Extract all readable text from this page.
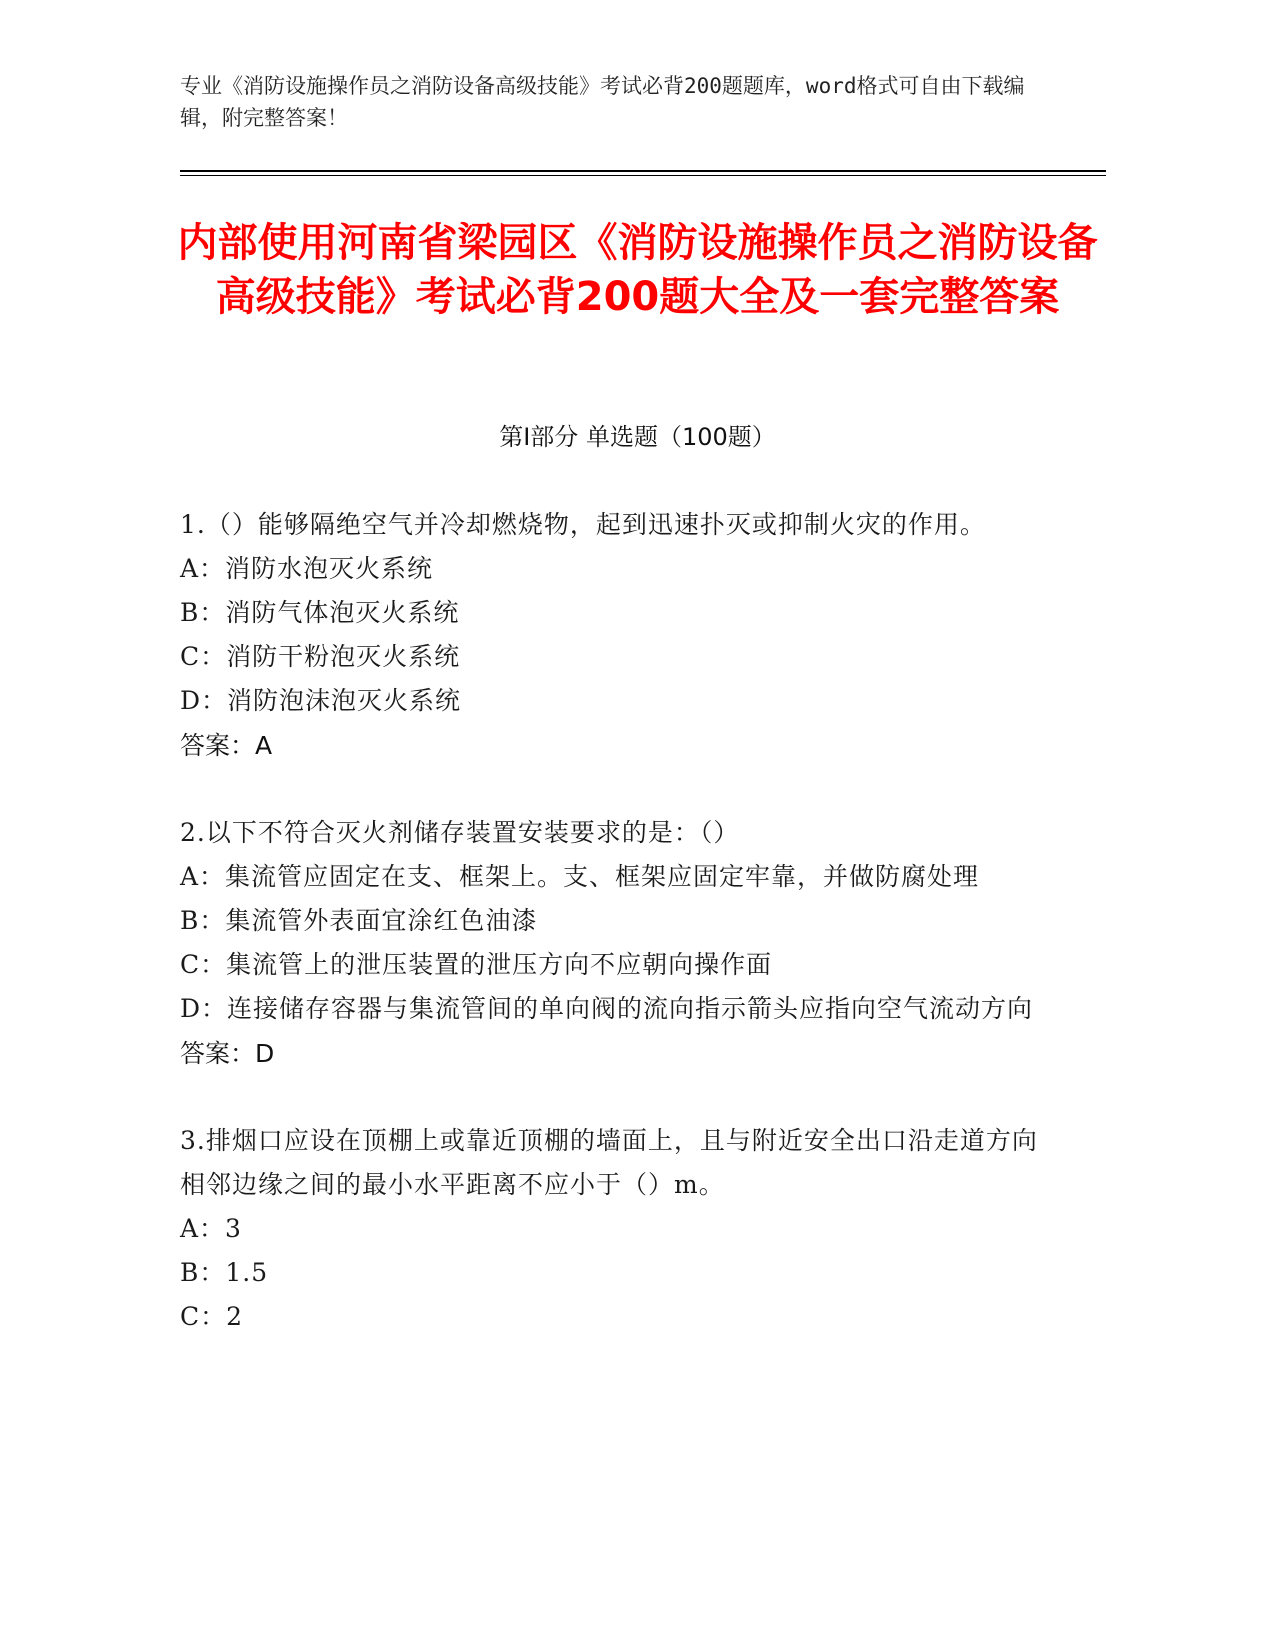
专业《消防设施操作员之消防设备高级技能》考试必背200题题库，word格式可自由下载编辑，附完整答案！
内部使用河南省梁园区《消防设施操作员之消防设备高级技能》考试必背200题大全及一套完整答案
第Ⅰ部分 单选题（100题）
1.（）能够隔绝空气并冷却燃烧物，起到迅速扑灭或抑制火灾的作用。
A：消防水泡灭火系统
B：消防气体泡灭火系统
C：消防干粉泡灭火系统
D：消防泡沫泡灭火系统
答案：A
2.以下不符合灭火剂储存装置安装要求的是：（）
A：集流管应固定在支、框架上。支、框架应固定牢靠，并做防腐处理
B：集流管外表面宜涂红色油漆
C：集流管上的泄压装置的泄压方向不应朝向操作面
D：连接储存容器与集流管间的单向阀的流向指示箭头应指向空气流动方向
答案：D
3.排烟口应设在顶棚上或靠近顶棚的墙面上，且与附近安全出口沿走道方向相邻边缘之间的最小水平距离不应小于（）m。
A：3
B：1.5
C：2
